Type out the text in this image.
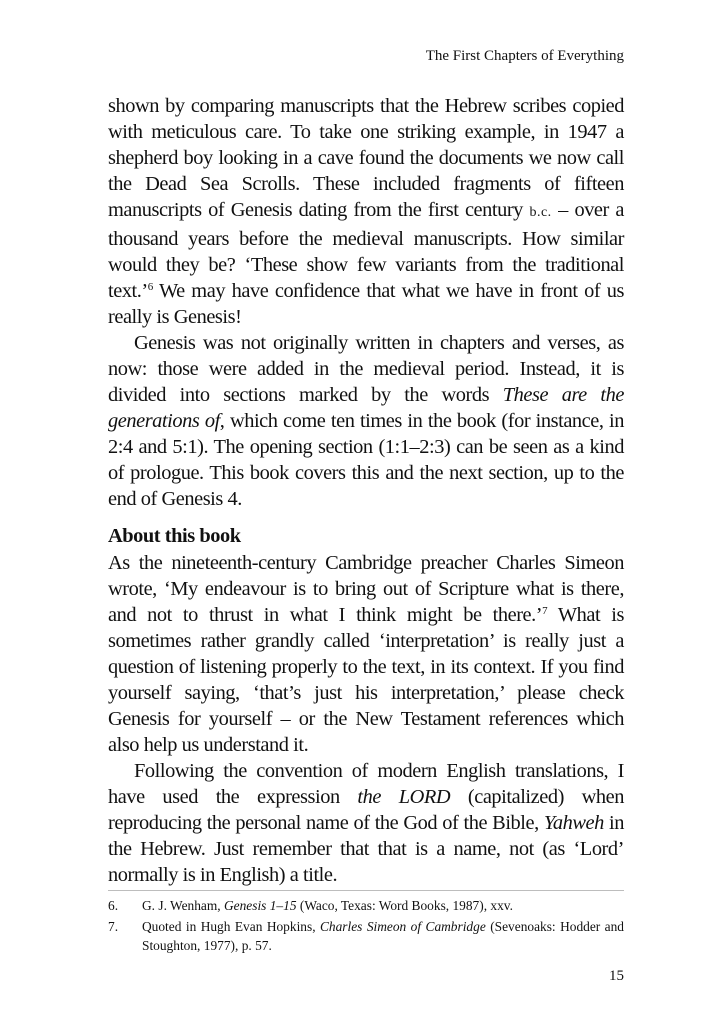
The First Chapters of Everything

shown by comparing manuscripts that the Hebrew scribes copied with meticulous care. To take one striking example, in 1947 a shepherd boy looking in a cave found the documents we now call the Dead Sea Scrolls. These included fragments of fifteen manuscripts of Genesis dating from the first century b.c. – over a thousand years before the medieval manuscripts. How similar would they be? ‘These show few variants from the traditional text.’$^6$ We may have confidence that what we have in front of us really is Genesis!

Genesis was not originally written in chapters and verses, as now: those were added in the medieval period. Instead, it is divided into sections marked by the words These are the generations of, which come ten times in the book (for instance, in 2:4 and 5:1). The opening section (1:1–2:3) can be seen as a kind of prologue. This book covers this and the next section, up to the end of Genesis 4.

About this book

As the nineteenth-century Cambridge preacher Charles Simeon wrote, ‘My endeavour is to bring out of Scripture what is there, and not to thrust in what I think might be there.’$^7$ What is sometimes rather grandly called ‘interpretation’ is really just a question of listening properly to the text, in its context. If you find yourself saying, ‘that’s just his interpretation,’ please check Genesis for yourself – or the New Testament references which also help us understand it.

Following the convention of modern English translations, I have used the expression the LORD (capitalized) when reproducing the personal name of the God of the Bible, Yahweh in the Hebrew. Just remember that that is a name, not (as ‘Lord’ normally is in English) a title.

6.	G. J. Wenham, Genesis 1–15 (Waco, Texas: Word Books, 1987), xxv.
7.	Quoted in Hugh Evan Hopkins, Charles Simeon of Cambridge (Sevenoaks: Hodder and Stoughton, 1977), p. 57.
15
